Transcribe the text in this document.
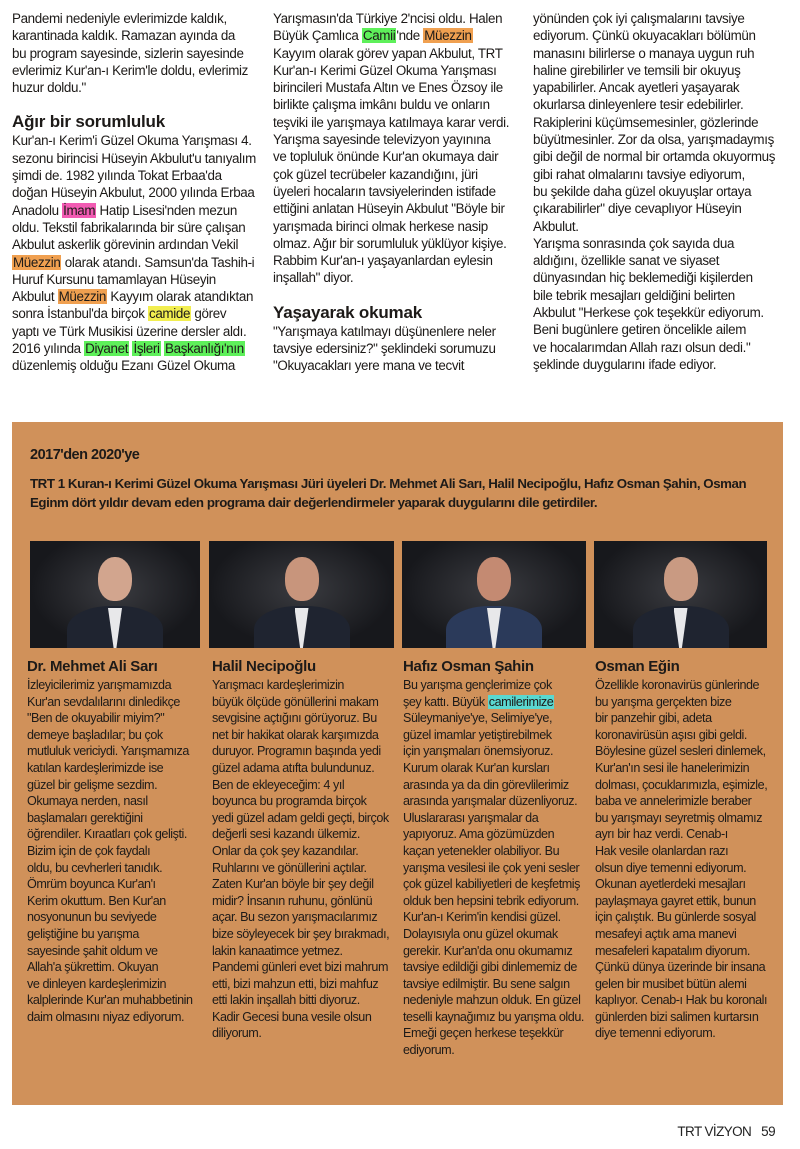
Pandemi nedeniyle evlerimizde kaldık,
karantinada kaldık. Ramazan ayında da
bu program sayesinde, sizlerin sayesinde
evlerimiz Kur'an-ı Kerim'le doldu, evlerimiz
huzur doldu."

Ağır bir sorumluluk

Kur'an-ı Kerim'i Güzel Okuma Yarışması 4.
sezonu birincisi Hüseyin Akbulut'u tanıyalım
şimdi de. 1982 yılında Tokat Erbaa'da
doğan Hüseyin Akbulut, 2000 yılında Erbaa
Anadolu İmam Hatip Lisesi'nden mezun
oldu. Tekstil fabrikalarında bir süre çalışan
Akbulut askerlik görevinin ardından Vekil
Müezzin olarak atandı. Samsun'da Tashih-i
Huruf Kursunu tamamlayan Hüseyin
Akbulut Müezzin Kayyım olarak atandıktan
sonra İstanbul'da birçok camide görev
yaptı ve Türk Musikisi üzerine dersler aldı.
2016 yılında Diyanet İşleri Başkanlığı'nın
düzenlemiş olduğu Ezanı Güzel Okuma

Yarışmasın'da Türkiye 2'ncisi oldu. Halen
Büyük Çamlıca Camii'nde Müezzin
Kayyım olarak görev yapan Akbulut, TRT
Kur'an-ı Kerimi Güzel Okuma Yarışması
birincileri Mustafa Altın ve Enes Özsoy ile
birlikte çalışma imkânı buldu ve onların
teşviki ile yarışmaya katılmaya karar verdi.
Yarışma sayesinde televizyon yayınına
ve topluluk önünde Kur'an okumaya dair
çok güzel tecrübeler kazandığını, jüri
üyeleri hocaların tavsiyelerinden istifade
ettiğini anlatan Hüseyin Akbulut "Böyle bir
yarışmada birinci olmak herkese nasip
olmaz. Ağır bir sorumluluk yüklüyor kişiye.
Rabbim Kur'an-ı yaşayanlardan eylesin
inşallah" diyor.

Yaşayarak okumak

"Yarışmaya katılmayı düşünenlere neler
tavsiye edersiniz?" şeklindeki sorumuzu
"Okuyacakları yere mana ve tecvit

yönünden çok iyi çalışmalarını tavsiye
ediyorum. Çünkü okuyacakları bölümün
manasını bilirlerse o manaya uygun ruh
haline girebilirler ve temsili bir okuyuş
yapabilirler. Ancak ayetleri yaşayarak
okurlarsa dinleyenlere tesir edebilirler.
Rakiplerini küçümsemesinler, gözlerinde
büyütmesinler. Zor da olsa, yarışmadaymış
gibi değil de normal bir ortamda okuyormuş
gibi rahat olmalarını tavsiye ediyorum,
bu şekilde daha güzel okuyuşlar ortaya
çıkarabilirler" diye cevaplıyor Hüseyin
Akbulut.
Yarışma sonrasında çok sayıda dua
aldığını, özellikle sanat ve siyaset
dünyasından hiç beklemediği kişilerden
bile tebrik mesajları geldiğini belirten
Akbulut "Herkese çok teşekkür ediyorum.
Beni bugünlere getiren öncelikle ailem
ve hocalarımdan Allah razı olsun dedi."
şeklinde duygularını ifade ediyor.

2017'den 2020'ye
TRT 1 Kuran-ı Kerimi Güzel Okuma Yarışması Jüri üyeleri Dr. Mehmet Ali Sarı, Halil Necipoğlu, Hafız Osman Şahin, Osman
Eginm dört yıldır devam eden programa dair değerlendirmeler yaparak duygularını dile getirdiler.
Dr. Mehmet Ali Sarı
İzleyicilerimiz yarışmamızda
Kur'an sevdalılarını dinledikçe
"Ben de okuyabilir miyim?"
demeye başladılar; bu çok
mutluluk vericiydi. Yarışmamıza
katılan kardeşlerimizde ise
güzel bir gelişme sezdim.
Okumaya nerden, nasıl
başlamaları gerektiğini
öğrendiler. Kıraatları çok gelişti.
Bizim için de çok faydalı
oldu, bu cevherleri tanıdık.
Ömrüm boyunca Kur'an'ı
Kerim okuttum. Ben Kur'an
nosyonunun bu seviyede
geliştiğine bu yarışma
sayesinde şahit oldum ve
Allah'a şükrettim. Okuyan
ve dinleyen kardeşlerimizin
kalplerinde Kur'an muhabbetinin
daim olmasını niyaz ediyorum.
Halil Necipoğlu
Yarışmacı kardeşlerimizin
büyük ölçüde gönüllerini makam
sevgisine açtığını görüyoruz. Bu
net bir hakikat olarak karşımızda
duruyor. Programın başında yedi
güzel adama atıfta bulundunuz.
Ben de ekleyeceğim: 4 yıl
boyunca bu programda birçok
yedi güzel adam geldi geçti, birçok
değerli sesi kazandı ülkemiz.
Onlar da çok şey kazandılar.
Ruhlarını ve gönüllerini açtılar.
Zaten Kur'an böyle bir şey değil
midir? İnsanın ruhunu, gönlünü
açar. Bu sezon yarışmacılarımız
bize söyleyecek bir şey bırakmadı,
lakin kanaatimce yetmez.
Pandemi günleri evet bizi mahrum
etti, bizi mahzun etti, bizi mahfuz
etti lakin inşallah bitti diyoruz.
Kadir Gecesi buna vesile olsun
diliyorum.
Hafız Osman Şahin
Bu yarışma gençlerimize çok
şey kattı. Büyük camilerimize
Süleymaniye'ye, Selimiye'ye,
güzel imamlar yetiştirebilmek
için yarışmaları önemsiyoruz.
Kurum olarak Kur'an kursları
arasında ya da din görevlilerimiz
arasında yarışmalar düzenliyoruz.
Uluslararası yarışmalar da
yapıyoruz. Ama gözümüzden
kaçan yetenekler olabiliyor. Bu
yarışma vesilesi ile çok yeni sesler
çok güzel kabiliyetleri de keşfetmiş
olduk ben hepsini tebrik ediyorum.
Kur'an-ı Kerim'in kendisi güzel.
Dolayısıyla onu güzel okumak
gerekir. Kur'an'da onu okumamız
tavsiye edildiği gibi dinlememiz de
tavsiye edilmiştir. Bu sene salgın
nedeniyle mahzun olduk. En güzel
teselli kaynağımız bu yarışma oldu.
Emeği geçen herkese teşekkür
ediyorum.
Osman Eğin
Özellikle koronavirüs günlerinde
bu yarışma gerçekten bize
bir panzehir gibi, adeta
koronavirüsün aşısı gibi geldi.
Böylesine güzel sesleri dinlemek,
Kur'an'ın sesi ile hanelerimizin
dolması, çocuklarımızla, eşimizle,
baba ve annelerimizle beraber
bu yarışmayı seyretmiş olmamız
ayrı bir haz verdi. Cenab-ı
Hak vesile olanlardan razı
olsun diye temenni ediyorum.
Okunan ayetlerdeki mesajları
paylaşmaya gayret ettik, bunun
için çalıştık. Bu günlerde sosyal
mesafeyi açtık ama manevi
mesafeleri kapatalım diyorum.
Çünkü dünya üzerinde bir insana
gelen bir musibet bütün alemi
kaplıyor. Cenab-ı Hak bu koronalı
günlerden bizi salimen kurtarsın
diye temenni ediyorum.
TRT VİZYON 59
